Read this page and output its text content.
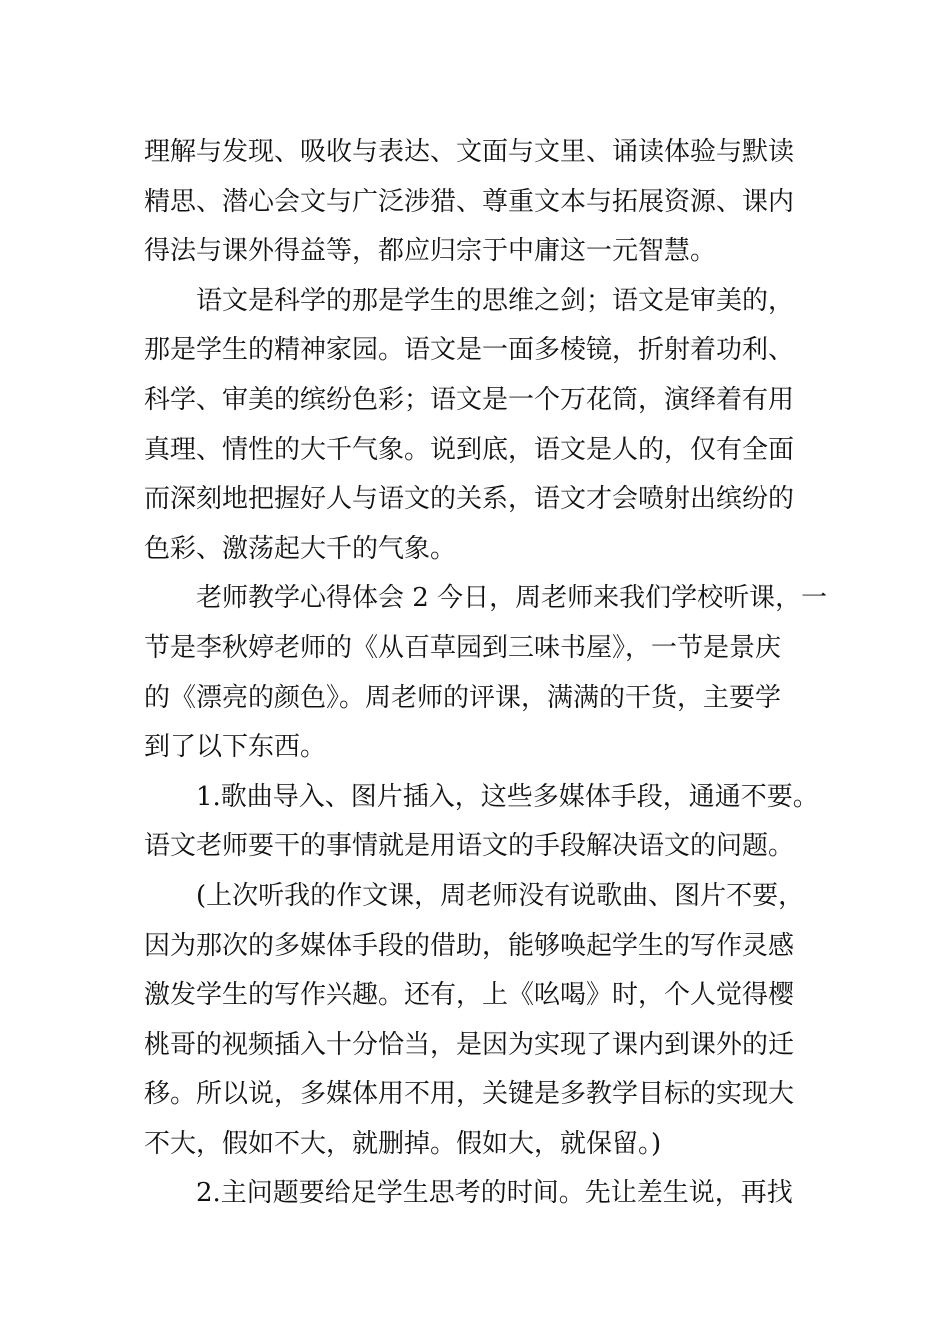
理解与发现、吸收与表达、文面与文里、诵读体验与默读
精思、潜心会文与广泛涉猎、尊重文本与拓展资源、课内
得法与课外得益等，都应归宗于中庸这一元智慧。
语文是科学的那是学生的思维之剑；语文是审美的，
那是学生的精神家园。语文是一面多棱镜，折射着功利、
科学、审美的缤纷色彩；语文是一个万花筒，演绎着有用
真理、情性的大千气象。说到底，语文是人的，仅有全面
而深刻地把握好人与语文的关系，语文才会喷射出缤纷的
色彩、激荡起大千的气象。
老师教学心得体会 2 今日，周老师来我们学校听课，一
节是李秋婷老师的《从百草园到三味书屋》，一节是景庆
的《漂亮的颜色》。周老师的评课，满满的干货，主要学
到了以下东西。
1.歌曲导入、图片插入，这些多媒体手段，通通不要。
语文老师要干的事情就是用语文的手段解决语文的问题。
(上次听我的作文课，周老师没有说歌曲、图片不要，
因为那次的多媒体手段的借助，能够唤起学生的写作灵感
激发学生的写作兴趣。还有，上《吆喝》时，个人觉得樱
桃哥的视频插入十分恰当，是因为实现了课内到课外的迁
移。所以说，多媒体用不用，关键是多教学目标的实现大
不大，假如不大，就删掉。假如大，就保留。)
2.主问题要给足学生思考的时间。先让差生说，再找
